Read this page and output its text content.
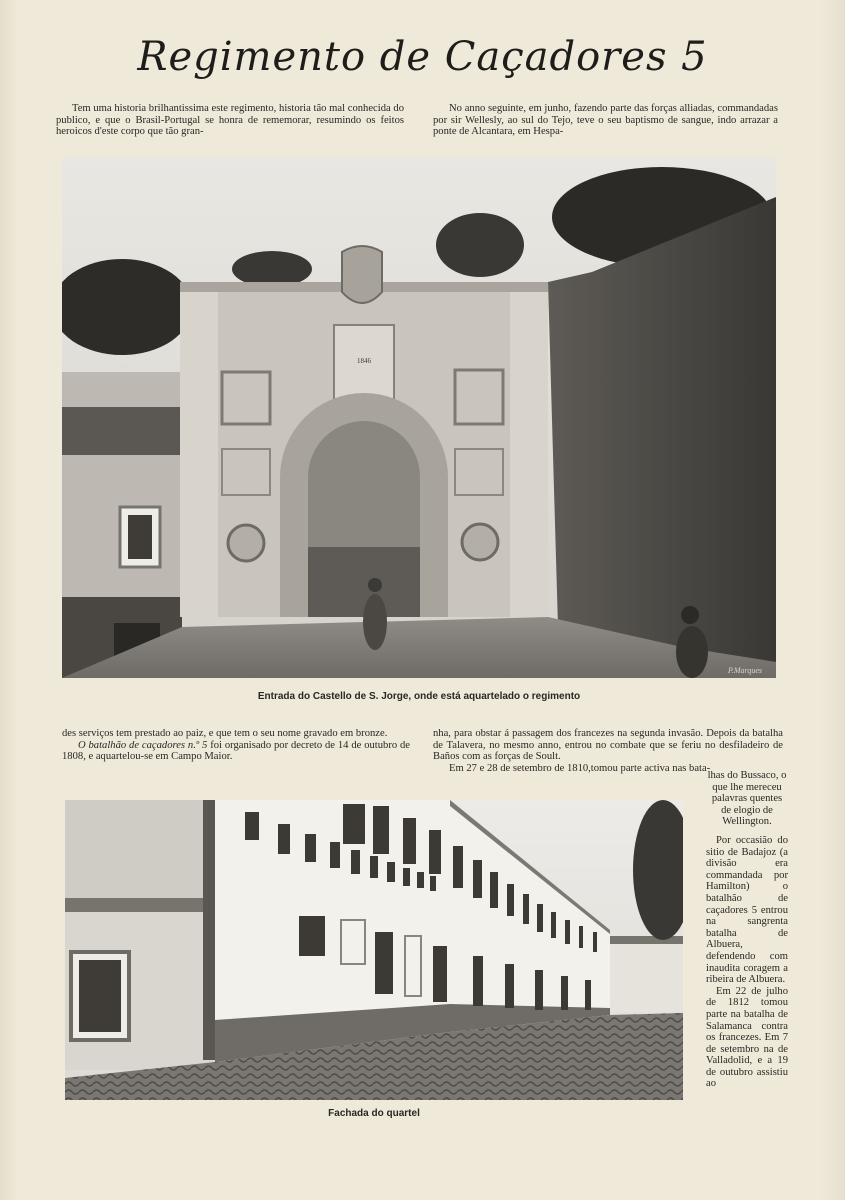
Regimento de Caçadores 5

Tem uma historia brilhantissima este regimento, historia tão mal conhecida do publico, e que o Brasil-Portugal se honra de rememorar, resumindo os feitos heroicos d'este corpo que tão gran-

No anno seguinte, em junho, fazendo parte das forças alliadas, commandadas por sir Wellesly, ao sul do Tejo, teve o seu baptismo de sangue, indo arrazar a ponte de Alcantara, em Hespa-

1846
P.Marques
Entrada do Castello de S. Jorge, onde está aquartelado o regimento

des serviços tem prestado ao paiz, e que tem o seu nome gravado em bronze.

O batalhão de caçadores n.º 5 foi organisado por decreto de 14 de outubro de 1808, e aquartelou-se em Campo Maior.

nha, para obstar á passagem dos francezes na segunda invasão. Depois da batalha de Talavera, no mesmo anno, entrou no combate que se feriu no desfiladeiro de Baños com as forças de Soult.

Em 27 e 28 de setembro de 1810,tomou parte activa nas bata-

Fachada do quartel

lhas do Bussaco, o que lhe mereceu palavras quentes de elogio de Wellington.

Por occasião do sitio de Badajoz (a divisão era commandada por Hamilton) o batalhão de caçadores 5 entrou na sangrenta batalha de Albuera, defendendo com inaudita coragem a ribeira de Albuera.

Em 22 de julho de 1812 tomou parte na batalha de Salamanca contra os francezes. Em 7 de setembro na de Valladolid, e a 19 de outubro assistiu ao
